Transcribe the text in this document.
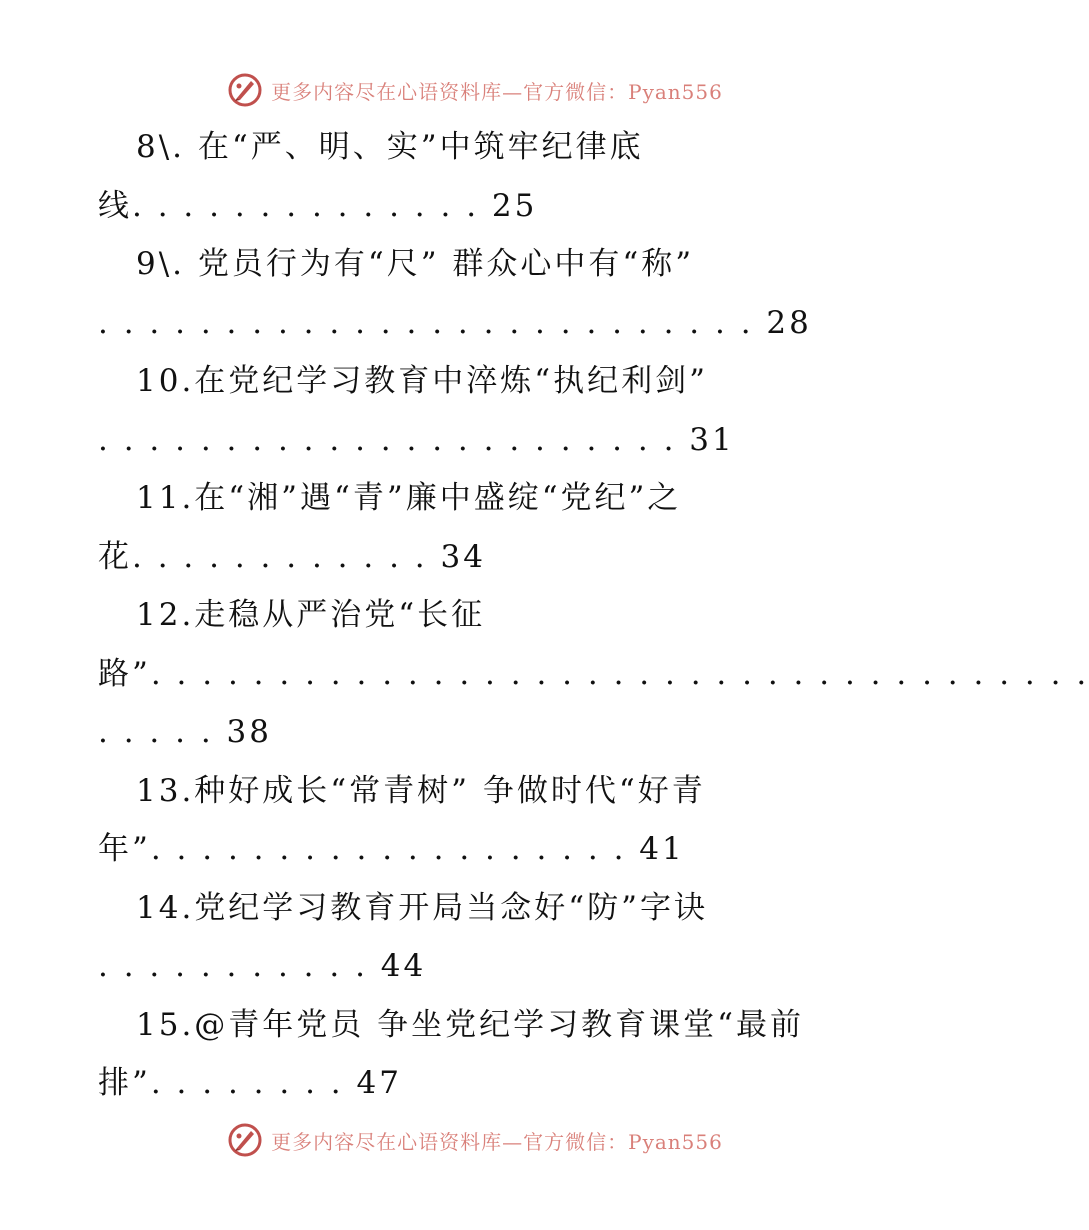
更多内容尽在心语资料库—官方微信：Pyan556
8\. 在“严、明、实”中筑牢纪律底
线. . . . . . . . . . . . . . 25
9\. 党员行为有“尺” 群众心中有“称”
. . . . . . . . . . . . . . . . . . . . . . . . . . 28
10.在党纪学习教育中淬炼“执纪利剑”
. . . . . . . . . . . . . . . . . . . . . . . 31
11.在“湘”遇“青”廉中盛绽“党纪”之
花. . . . . . . . . . . . 34
12.走稳从严治党“长征
路”. . . . . . . . . . . . . . . . . . . . . . . . . . . . . . . . . . . . .
. . . . . 38
13.种好成长“常青树” 争做时代“好青
年”. . . . . . . . . . . . . . . . . . . 41
14.党纪学习教育开局当念好“防”字诀
. . . . . . . . . . . 44
15.@青年党员 争坐党纪学习教育课堂“最前
排”. . . . . . . . 47
更多内容尽在心语资料库—官方微信：Pyan556
